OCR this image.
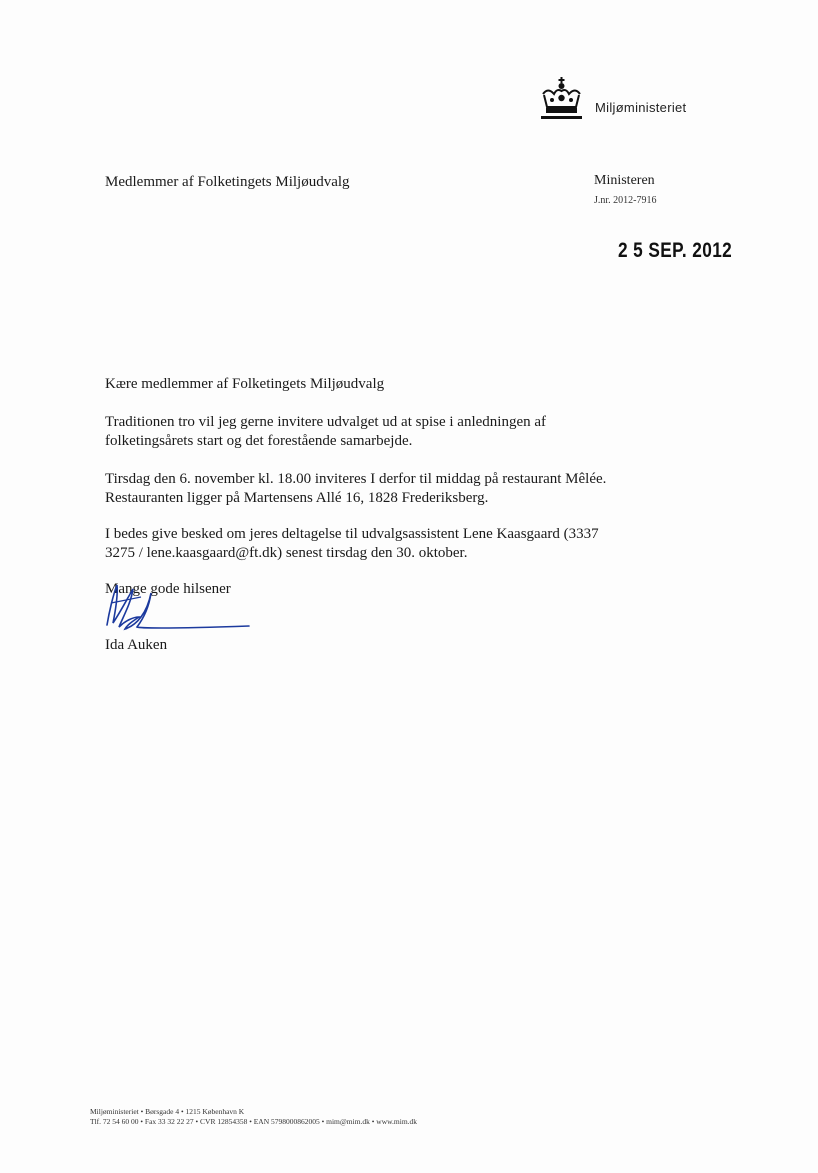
Miljøministeriet
Medlemmer af Folketingets Miljøudvalg	Ministeren
J.nr. 2012-7916
2 5 SEP. 2012
Kære medlemmer af Folketingets Miljøudvalg
Traditionen tro vil jeg gerne invitere udvalget ud at spise i anledningen af folketingsårets start og det forestående samarbejde.
Tirsdag den 6. november kl. 18.00 inviteres I derfor til middag på restaurant Mêlée. Restauranten ligger på Martensens Allé 16, 1828 Frederiksberg.
I bedes give besked om jeres deltagelse til udvalgsassistent Lene Kaasgaard (3337 3275 / lene.kaasgaard@ft.dk) senest tirsdag den 30. oktober.
Mange gode hilsener
Ida Auken
Miljøministeriet • Børsgade 4 • 1215 København K
Tlf. 72 54 60 00 • Fax 33 32 22 27 • CVR 12854358 • EAN 5798000862005 • mim@mim.dk • www.mim.dk
